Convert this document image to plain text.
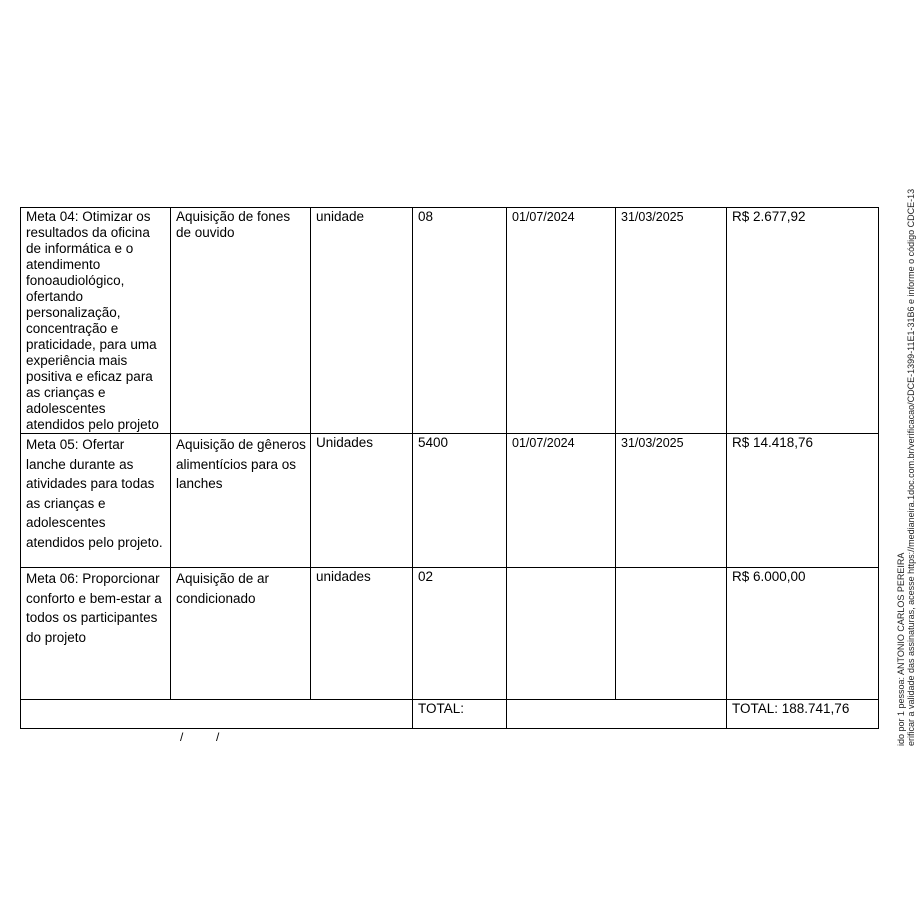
Meta 04: Otimizar os resultados da oficina de informática e o atendimento fonoaudiológico, ofertando personalização, concentração e praticidade, para uma experiência mais positiva e eficaz para as crianças e adolescentes atendidos pelo projeto	Aquisição de fones de ouvido	unidade	08	01/07/2024	31/03/2025	R$ 2.677,92
Meta 05: Ofertar lanche durante as atividades para todas as crianças e adolescentes atendidos pelo projeto.	Aquisição de gêneros alimentícios para os lanches	Unidades	5400	01/07/2024	31/03/2025	R$ 14.418,76
Meta 06: Proporcionar conforto e bem-estar a todos os participantes do projeto	Aquisição de ar condicionado	unidades	02			R$ 6.000,00
			TOTAL:			TOTAL: 188.741,76
/	/	ido por 1 pessoa: ANTONIO CARLOS PEREIRA erificar a validade das assinaturas, acesse https://medianeira.1doc.com.br/verificacao/CDCE-1399-11E1-31B6 e informe o código CDCE-13
